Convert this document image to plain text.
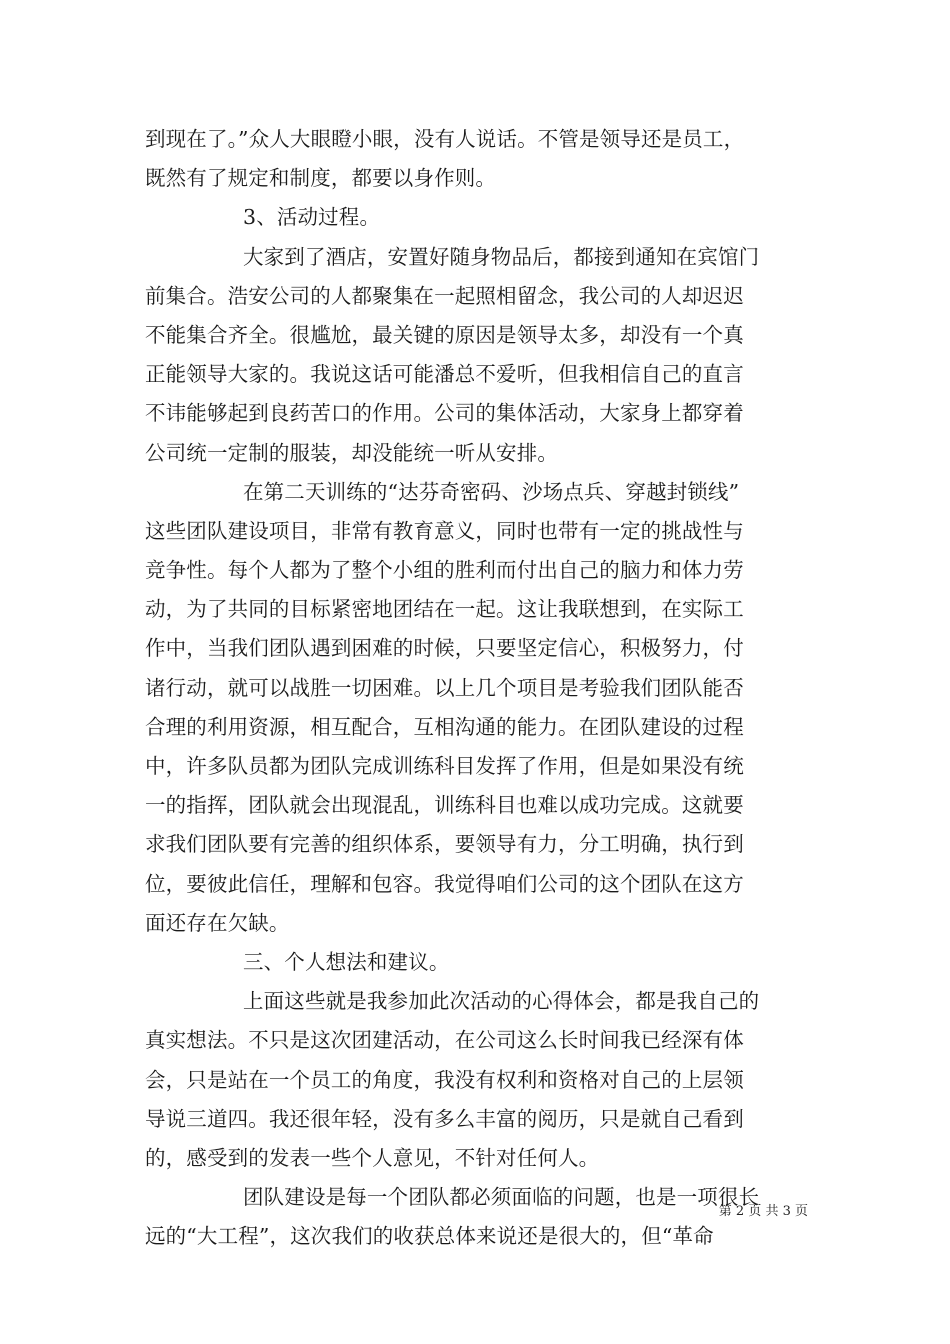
到现在了。”众人大眼瞪小眼，没有人说话。不管是领导还是员工，
既然有了规定和制度，都要以身作则。
3、活动过程。
大家到了酒店，安置好随身物品后，都接到通知在宾馆门
前集合。浩安公司的人都聚集在一起照相留念，我公司的人却迟迟
不能集合齐全。很尴尬，最关键的原因是领导太多，却没有一个真
正能领导大家的。我说这话可能潘总不爱听，但我相信自己的直言
不讳能够起到良药苦口的作用。公司的集体活动，大家身上都穿着
公司统一定制的服装，却没能统一听从安排。
在第二天训练的“达芬奇密码、沙场点兵、穿越封锁线”
这些团队建设项目，非常有教育意义，同时也带有一定的挑战性与
竞争性。每个人都为了整个小组的胜利而付出自己的脑力和体力劳
动，为了共同的目标紧密地团结在一起。这让我联想到，在实际工
作中，当我们团队遇到困难的时候，只要坚定信心，积极努力，付
诸行动，就可以战胜一切困难。以上几个项目是考验我们团队能否
合理的利用资源，相互配合，互相沟通的能力。在团队建设的过程
中，许多队员都为团队完成训练科目发挥了作用，但是如果没有统
一的指挥，团队就会出现混乱，训练科目也难以成功完成。这就要
求我们团队要有完善的组织体系，要领导有力，分工明确，执行到
位，要彼此信任，理解和包容。我觉得咱们公司的这个团队在这方
面还存在欠缺。
三、个人想法和建议。
上面这些就是我参加此次活动的心得体会，都是我自己的
真实想法。不只是这次团建活动，在公司这么长时间我已经深有体
会，只是站在一个员工的角度，我没有权利和资格对自己的上层领
导说三道四。我还很年轻，没有多么丰富的阅历，只是就自己看到
的，感受到的发表一些个人意见，不针对任何人。
团队建设是每一个团队都必须面临的问题，也是一项很长
远的“大工程”，这次我们的收获总体来说还是很大的，但“革命
第 2 页 共 3 页
